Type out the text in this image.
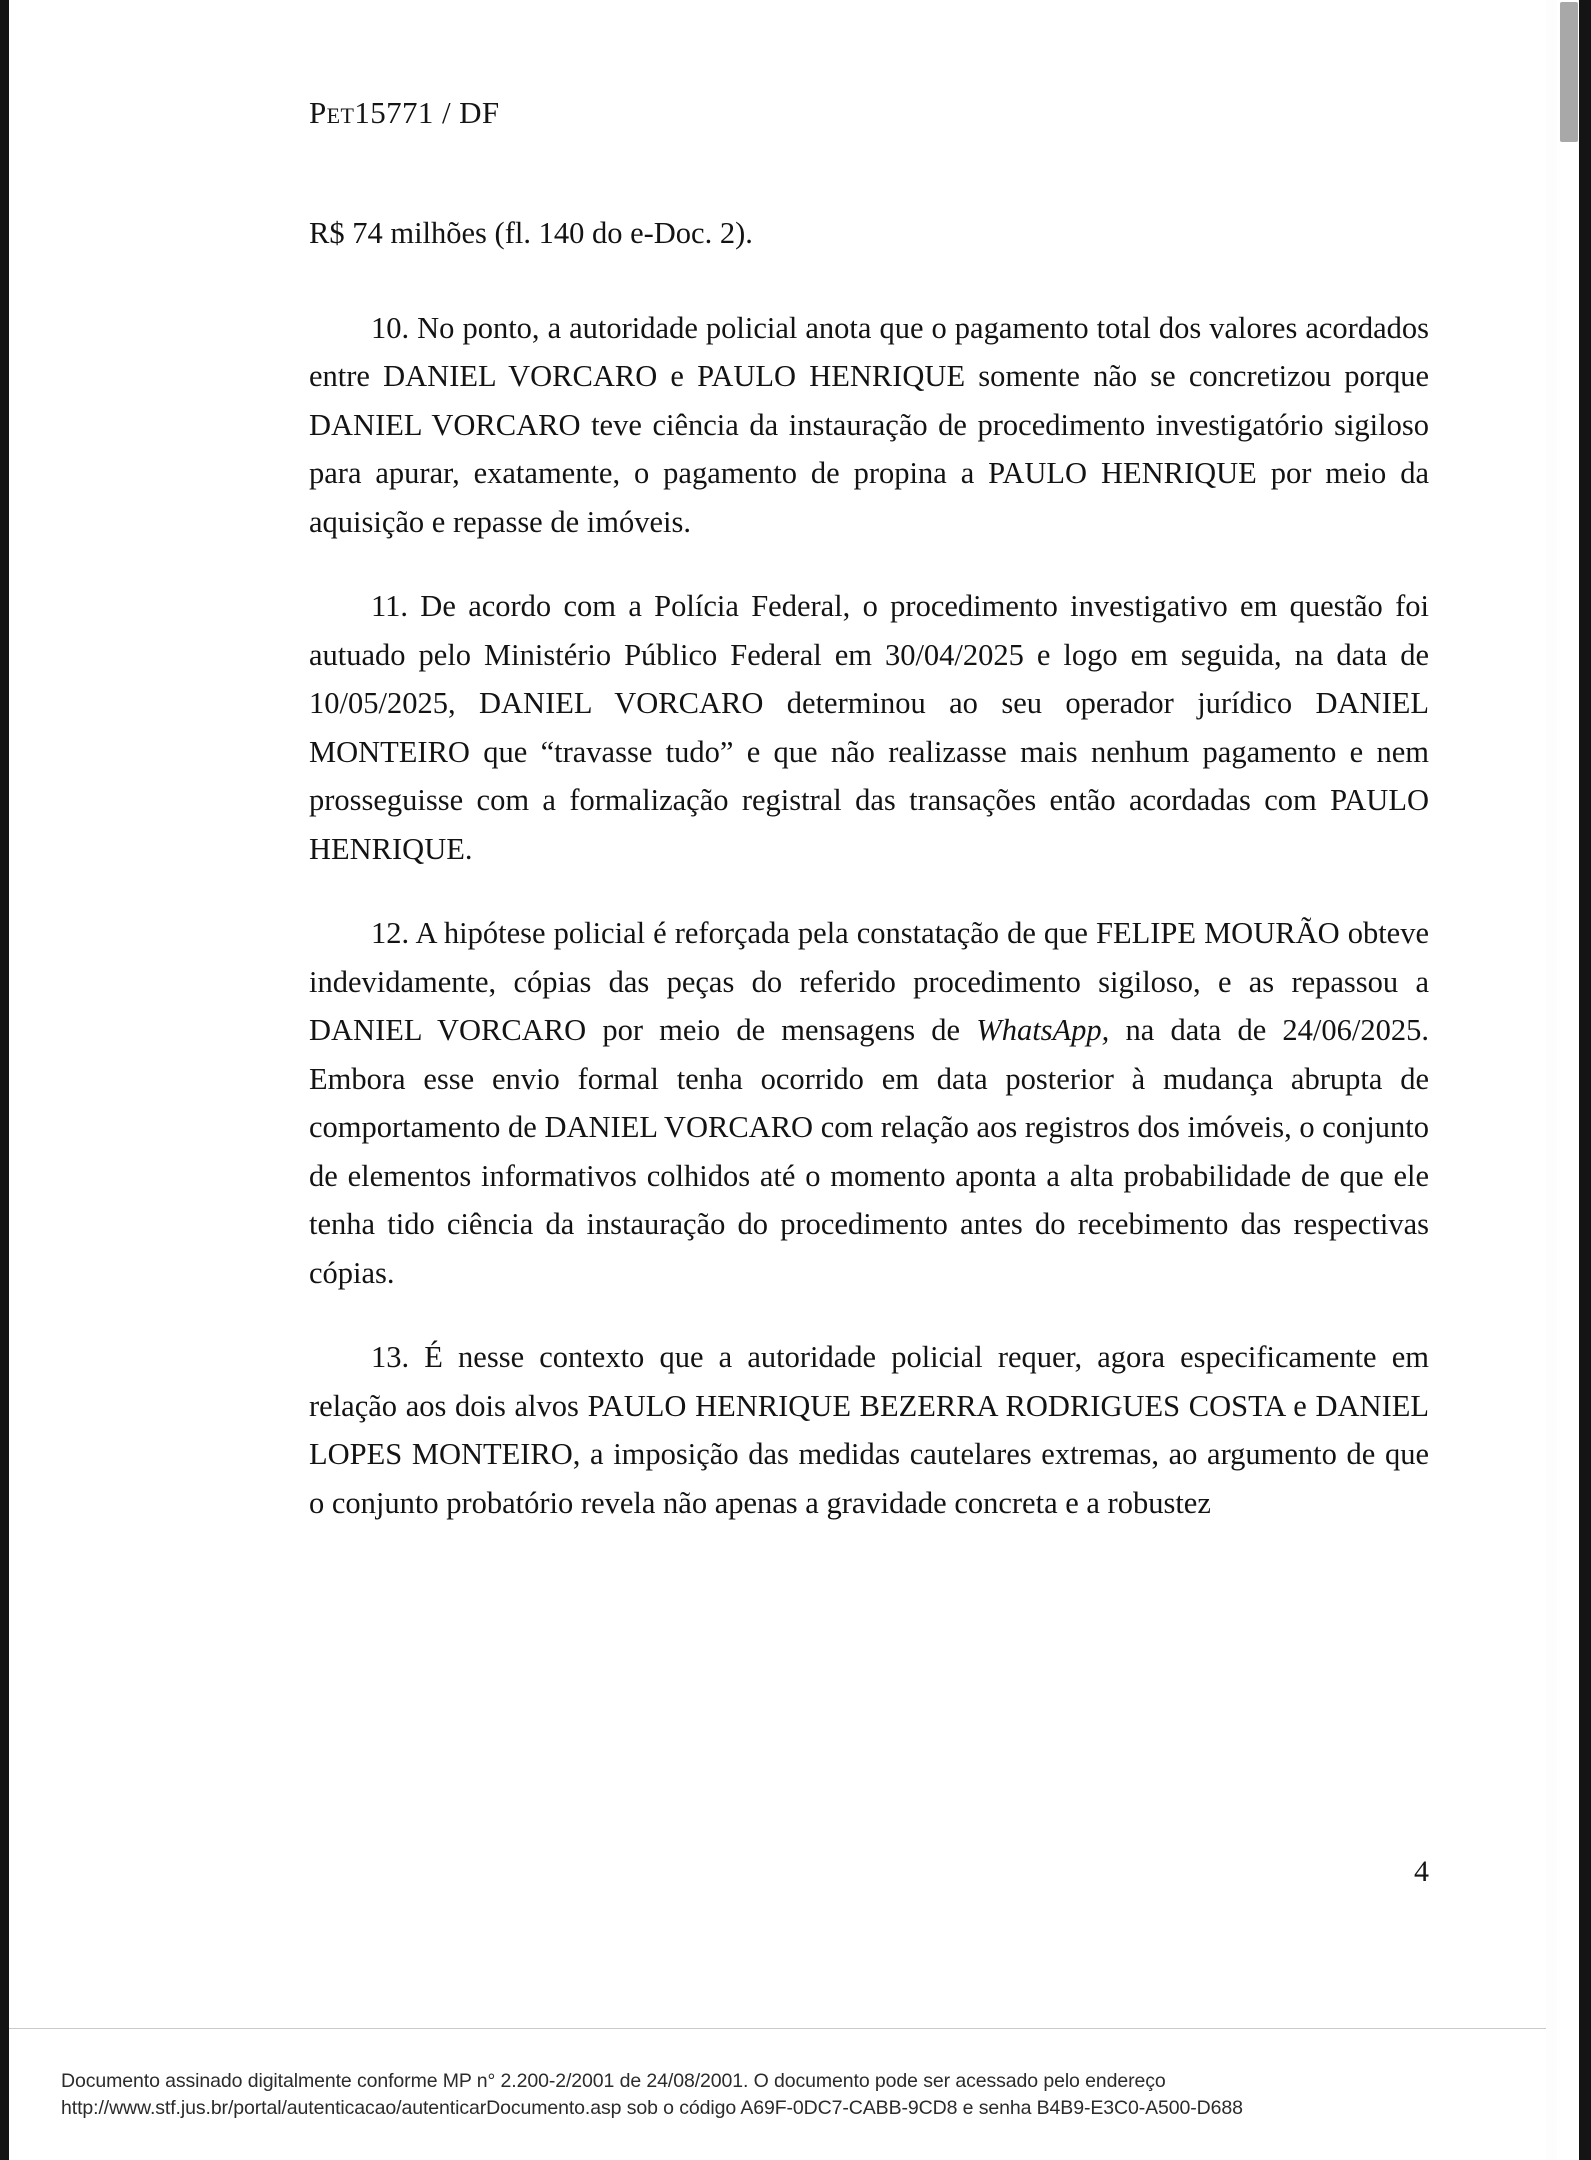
Pet15771 / DF

R$ 74 milhões (fl. 140 do e-Doc. 2).

10. No ponto, a autoridade policial anota que o pagamento total dos valores acordados entre DANIEL VORCARO e PAULO HENRIQUE somente não se concretizou porque DANIEL VORCARO teve ciência da instauração de procedimento investigatório sigiloso para apurar, exatamente, o pagamento de propina a PAULO HENRIQUE por meio da aquisição e repasse de imóveis.

11. De acordo com a Polícia Federal, o procedimento investigativo em questão foi autuado pelo Ministério Público Federal em 30/04/2025 e logo em seguida, na data de 10/05/2025, DANIEL VORCARO determinou ao seu operador jurídico DANIEL MONTEIRO que “travasse tudo” e que não realizasse mais nenhum pagamento e nem prosseguisse com a formalização registral das transações então acordadas com PAULO HENRIQUE.

12. A hipótese policial é reforçada pela constatação de que FELIPE MOURÃO obteve indevidamente, cópias das peças do referido procedimento sigiloso, e as repassou a DANIEL VORCARO por meio de mensagens de WhatsApp, na data de 24/06/2025. Embora esse envio formal tenha ocorrido em data posterior à mudança abrupta de comportamento de DANIEL VORCARO com relação aos registros dos imóveis, o conjunto de elementos informativos colhidos até o momento aponta a alta probabilidade de que ele tenha tido ciência da instauração do procedimento antes do recebimento das respectivas cópias.

13. É nesse contexto que a autoridade policial requer, agora especificamente em relação aos dois alvos PAULO HENRIQUE BEZERRA RODRIGUES COSTA e DANIEL LOPES MONTEIRO, a imposição das medidas cautelares extremas, ao argumento de que o conjunto probatório revela não apenas a gravidade concreta e a robustez

4
Documento assinado digitalmente conforme MP n° 2.200-2/2001 de 24/08/2001. O documento pode ser acessado pelo endereço
http://www.stf.jus.br/portal/autenticacao/autenticarDocumento.asp sob o código A69F-0DC7-CABB-9CD8 e senha B4B9-E3C0-A500-D688
